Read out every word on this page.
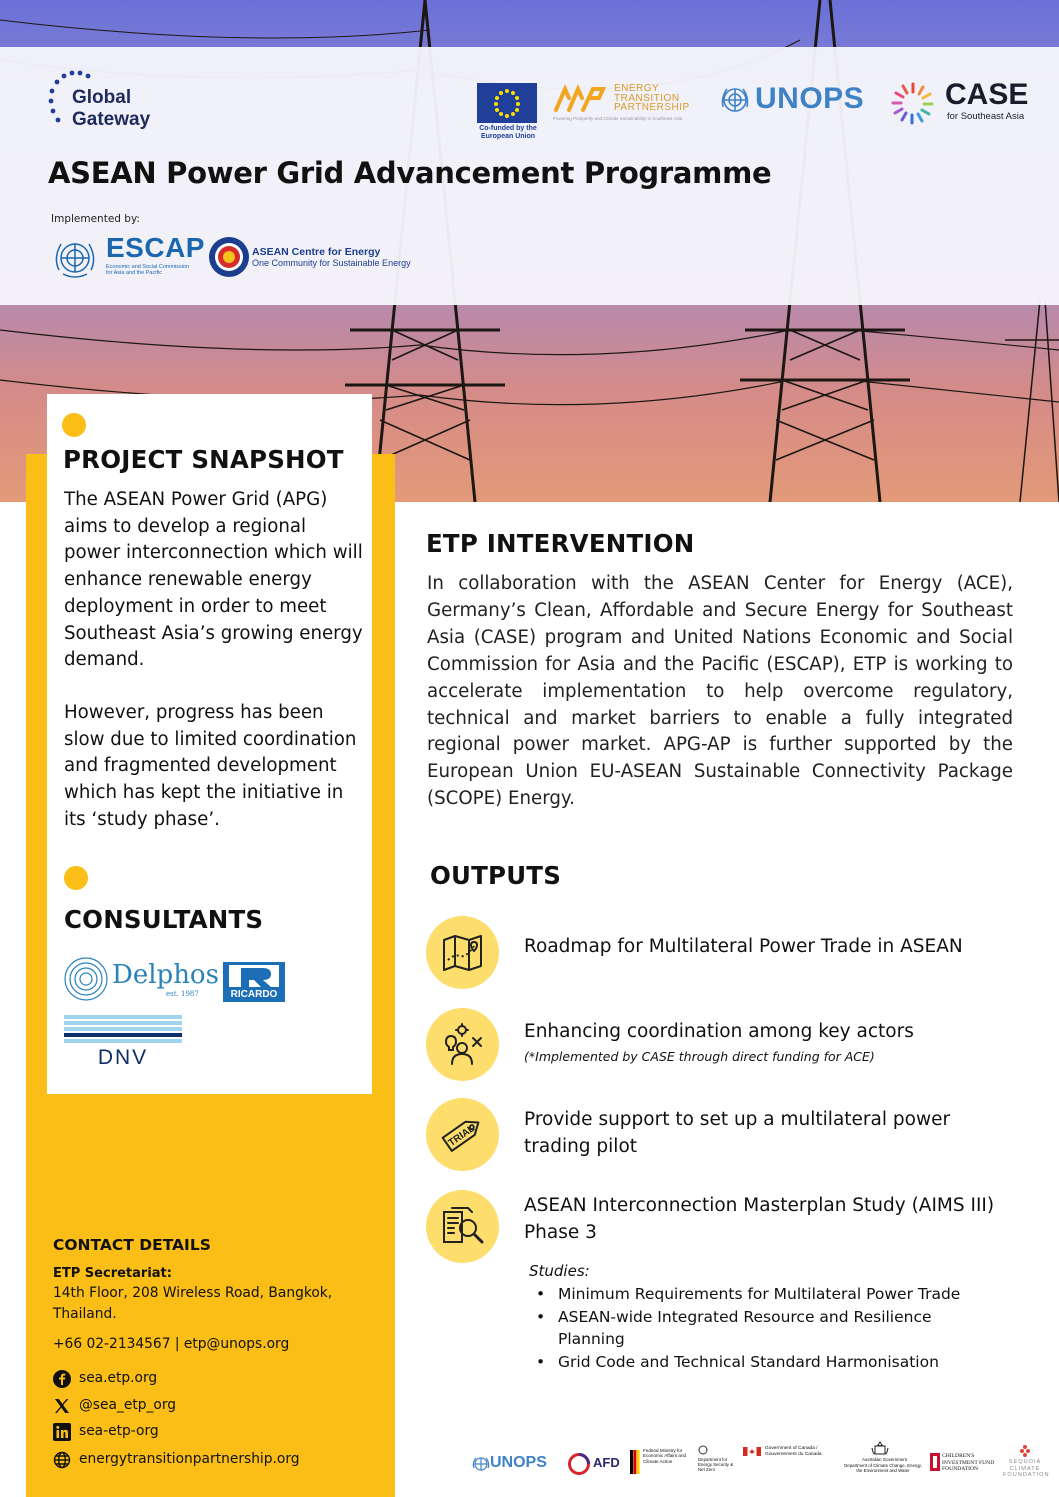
Global Gateway	Co-funded by the European Union
ENERGY TRANSITION PARTNERSHIP
Powering Prosperity and Climate Sustainability in Southeast Asia
UNOPS	CASE
for Southeast Asia
ASEAN Power Grid Advancement Programme
Implemented by:
ESCAP
Economic and Social Commission for Asia and the Pacific
ASEAN Centre for Energy
One Community for Sustainable Energy
PROJECT SNAPSHOT

The ASEAN Power Grid (APG) aims to develop a regional power interconnection which will enhance renewable energy deployment in order to meet Southeast Asia’s growing energy demand.

However, progress has been slow due to limited coordination and fragmented development which has kept the initiative in its ‘study phase’.

CONSULTANTS
Delphos
est. 1987	RICARDO
DNV
CONTACT DETAILS
ETP Secretariat:
14th Floor, 208 Wireless Road, Bangkok,
Thailand.
+66 02-2134567 | etp@unops.org
sea.etp.org
@sea_etp_org
sea-etp-org
energytransitionpartnership.org
ETP INTERVENTION

In collaboration with the ASEAN Center for Energy (ACE), Germany’s Clean, Affordable and Secure Energy for Southeast Asia (CASE) program and United Nations Economic and Social Commission for Asia and the Pacific (ESCAP), ETP is working to accelerate implementation to help overcome regulatory, technical and market barriers to enable a fully integrated regional power market. APG-AP is further supported by the European Union EU-ASEAN Sustainable Connectivity Package (SCOPE) Energy.

OUTPUTS
Roadmap for Multilateral Power Trade in ASEAN
Enhancing coordination among key actors
(*Implemented by CASE through direct funding for ACE)
TRIAL
Provide support to set up a multilateral power trading pilot
ASEAN Interconnection Masterplan Study (AIMS III) Phase 3
Studies:
• Minimum Requirements for Multilateral Power Trade
• ASEAN-wide Integrated Resource and Resilience Planning
• Grid Code and Technical Standard Harmonisation
UNOPS	AFD
Federal Ministry for Economic Affairs and Climate Action	Department for Energy Security & Net Zero
Government of Canada / Gouvernement du Canada
Australian Government
Department of Climate Change, Energy, the Environment and Water
CHILDREN'S INVESTMENT FUND FOUNDATION
SEQUOIA CLIMATE FOUNDATION
